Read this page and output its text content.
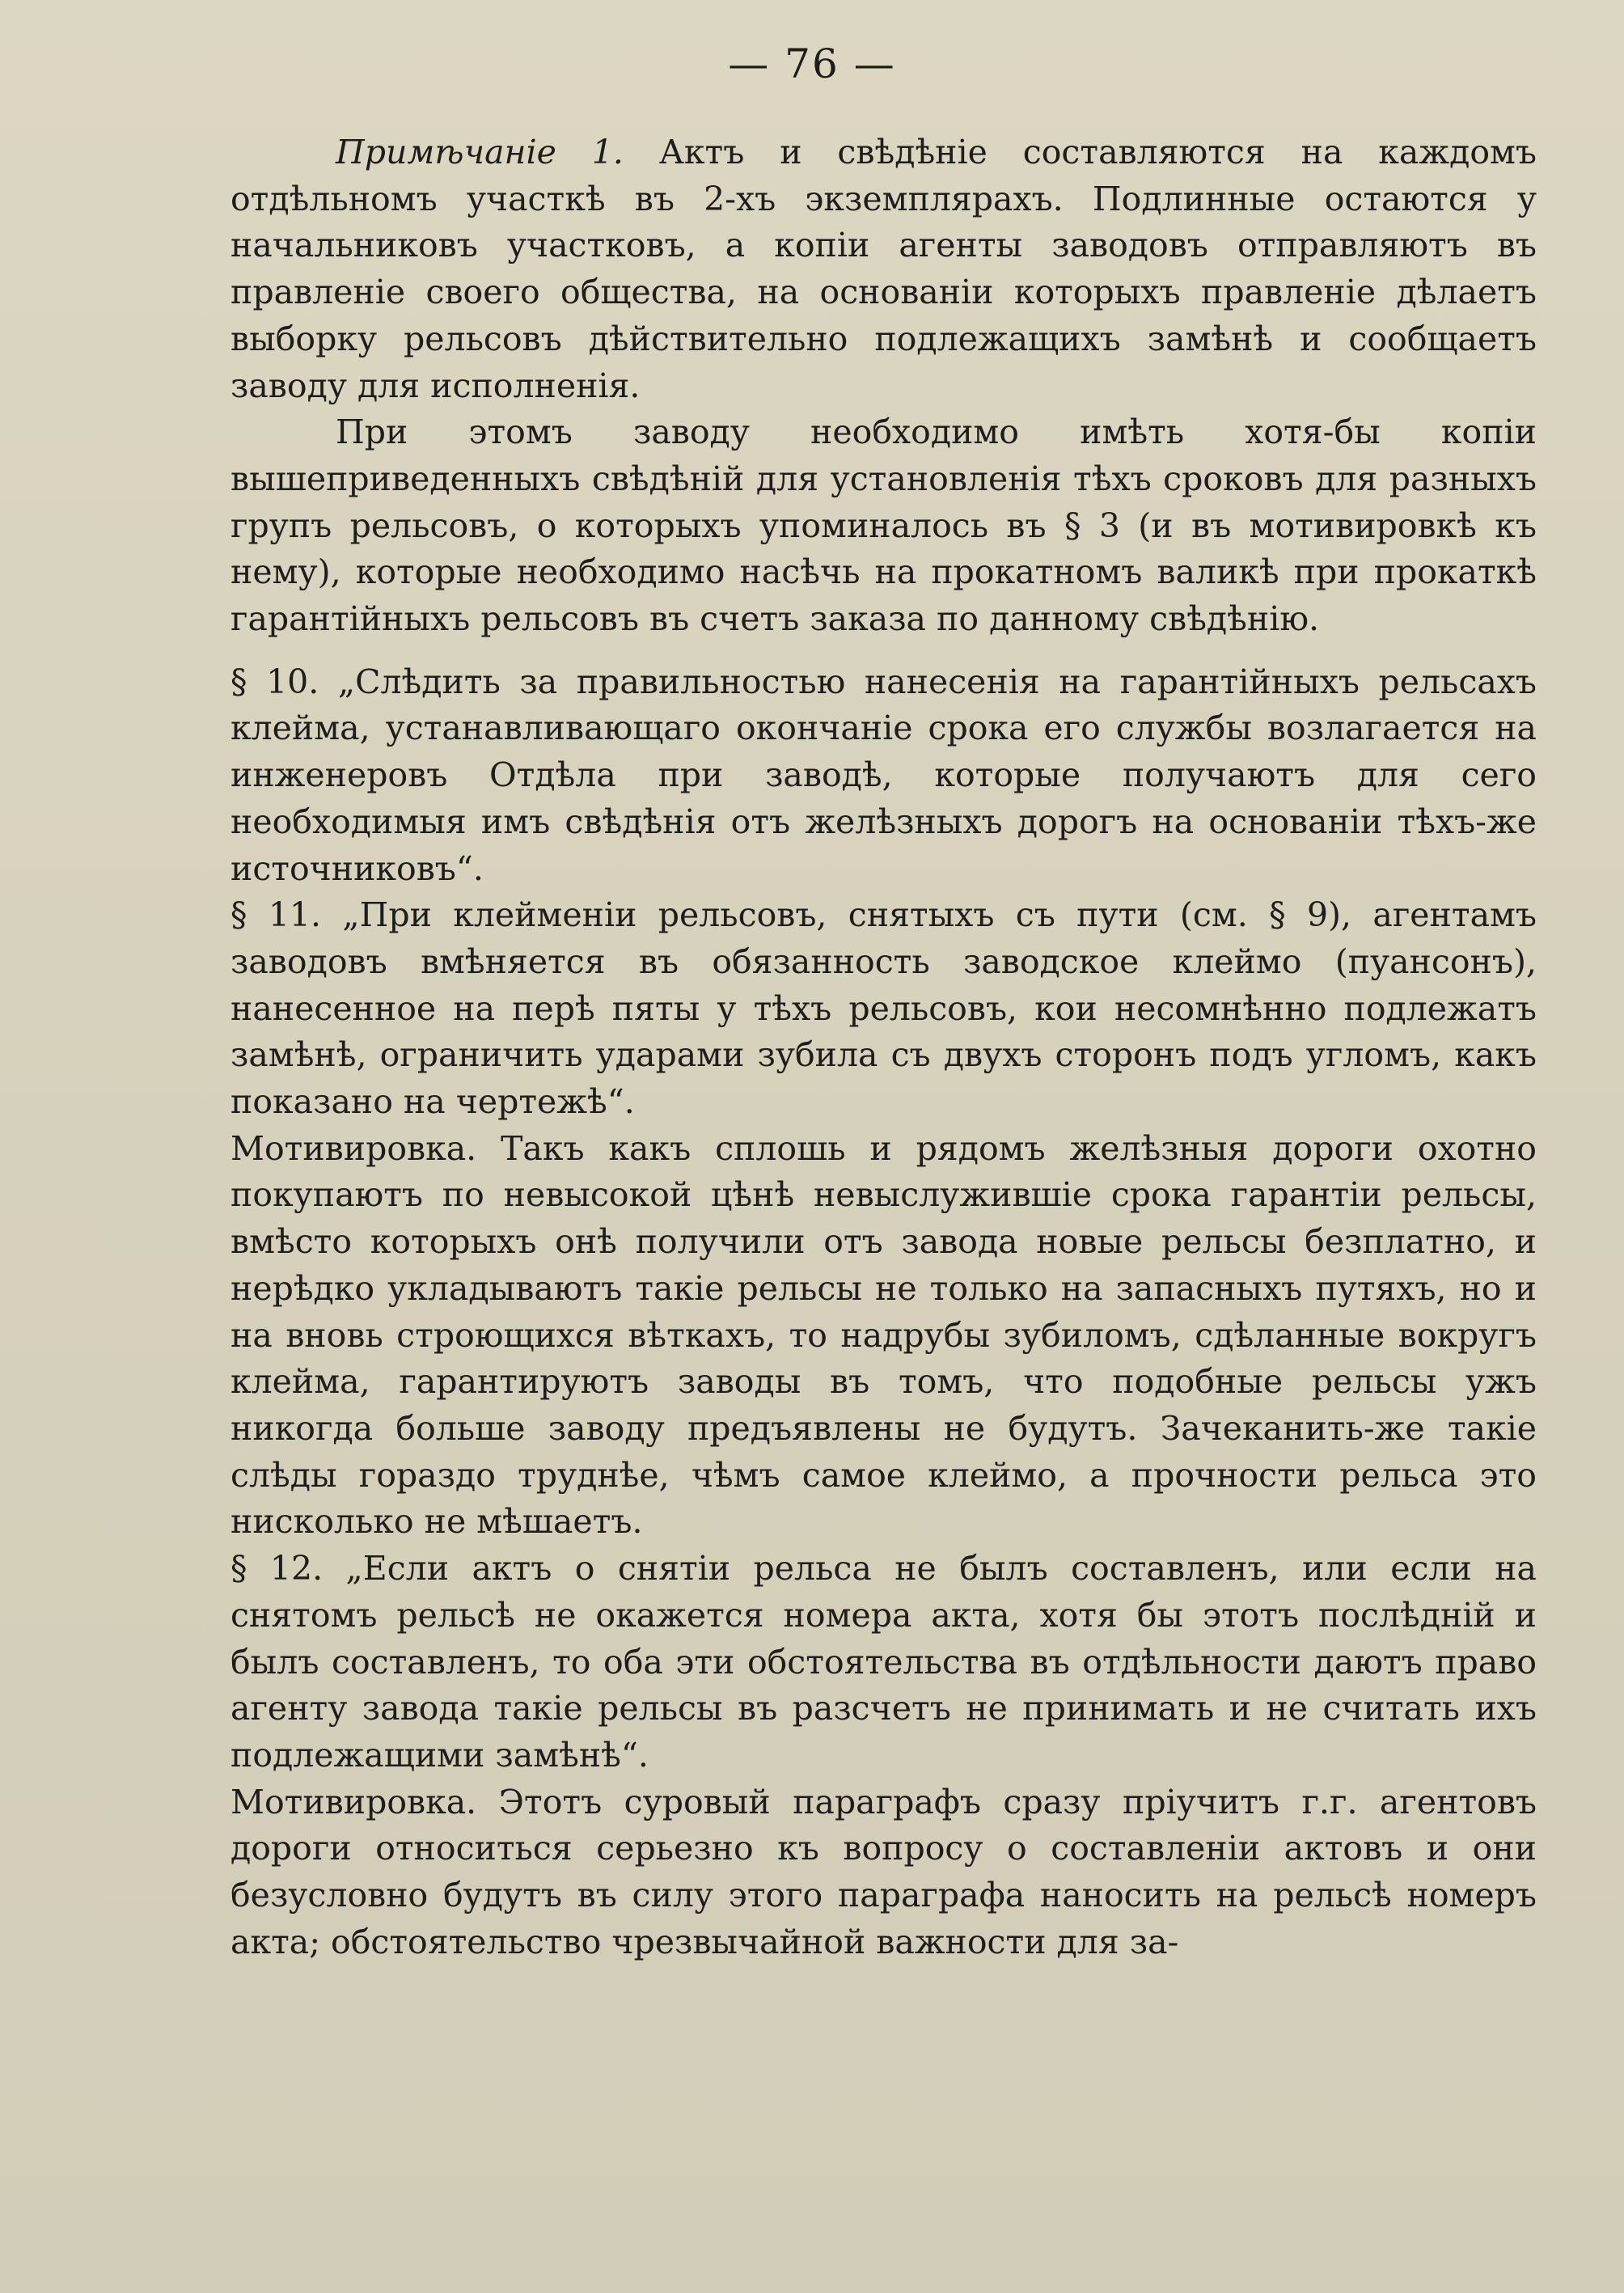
— 76 —

Примѣчаніе 1. Актъ и свѣдѣніе составляются на каждомъ отдѣльномъ участкѣ въ 2-хъ экземплярахъ. Подлинные остаются у начальниковъ участковъ, а копіи агенты заводовъ отправляютъ въ правленіе своего общества, на основаніи которыхъ правленіе дѣлаетъ выборку рельсовъ дѣйствительно подлежащихъ замѣнѣ и сообщаетъ заводу для исполненія.

При этомъ заводу необходимо имѣть хотя-бы копіи вышеприведенныхъ свѣдѣній для установленія тѣхъ сроковъ для разныхъ групъ рельсовъ, о которыхъ упоминалось въ § 3 (и въ мотивировкѣ къ нему), которые необходимо насѣчь на прокатномъ валикѣ при прокаткѣ гарантійныхъ рельсовъ въ счетъ заказа по данному свѣдѣнію.

§ 10. „Слѣдить за правильностью нанесенія на гарантійныхъ рельсахъ клейма, устанавливающаго окончаніе срока его службы возлагается на инженеровъ Отдѣла при заводѣ, которые получаютъ для сего необходимыя имъ свѣдѣнія отъ желѣзныхъ дорогъ на основаніи тѣхъ-же источниковъ“.

§ 11. „При клейменіи рельсовъ, снятыхъ съ пути (см. § 9), агентамъ заводовъ вмѣняется въ обязанность заводское клеймо (пуансонъ), нанесенное на перѣ пяты у тѣхъ рельсовъ, кои несомнѣнно подлежатъ замѣнѣ, ограничить ударами зубила съ двухъ сторонъ подъ угломъ, какъ показано на чертежѣ“.

Мотивировка. Такъ какъ сплошь и рядомъ желѣзныя дороги охотно покупаютъ по невысокой цѣнѣ невыслужившіе срока гарантіи рельсы, вмѣсто которыхъ онѣ получили отъ завода новые рельсы безплатно, и нерѣдко укладываютъ такіе рельсы не только на запасныхъ путяхъ, но и на вновь строющихся вѣткахъ, то надрубы зубиломъ, сдѣланные вокругъ клейма, гарантируютъ заводы въ томъ, что подобные рельсы ужъ никогда больше заводу предъявлены не будутъ. Зачеканить-же такіе слѣды гораздо труднѣе, чѣмъ самое клеймо, а прочности рельса это нисколько не мѣшаетъ.

§ 12. „Если актъ о снятіи рельса не былъ составленъ, или если на снятомъ рельсѣ не окажется номера акта, хотя бы этотъ послѣдній и былъ составленъ, то оба эти обстоятельства въ отдѣльности даютъ право агенту завода такіе рельсы въ разсчетъ не принимать и не считать ихъ подлежащими замѣнѣ“.

Мотивировка. Этотъ суровый параграфъ сразу пріучитъ г.г. агентовъ дороги относиться серьезно къ вопросу о составленіи актовъ и они безусловно будутъ въ силу этого параграфа наносить на рельсѣ номеръ акта; обстоятельство чрезвычайной важности для за-
